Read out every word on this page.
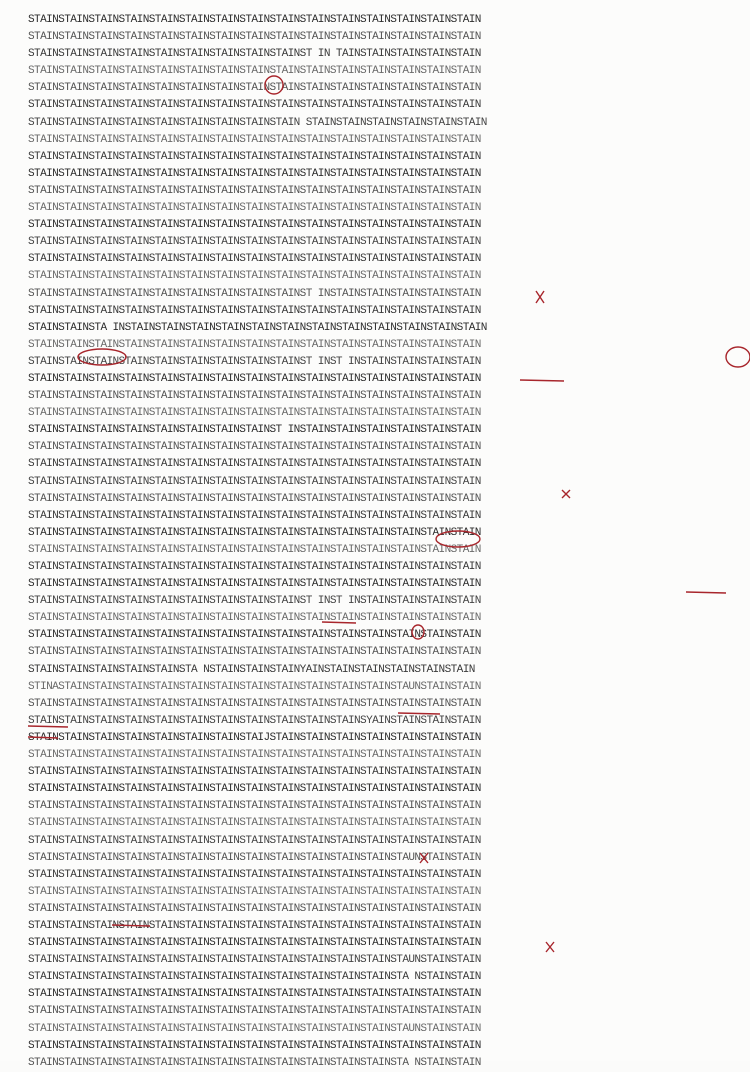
STAINSTAINSTAINSTAINSTAINSTAINSTAINSTAINSTAINSTAINSTAINSTAINSTAINSTAINSTAIN
STAINSTAINSTAINSTAINSTAINSTAINSTAINSTAINSTAINSTAINSTAINSTAINSTAINSTAINSTAIN
STAINSTAINSTAINSTAINSTAINSTAINSTAINSTAINSTAINST IN TAINSTAINSTAINSTAINSTAIN
STAINSTAINSTAINSTAINSTAINSTAINSTAINSTAINSTAINSTAINSTAINSTAINSTAINSTAINSTAIN
STAINSTAINSTAINSTAINSTAINSTAINSTAINSTAINSTAINSTAINSTAINSTAINSTAINSTAINSTAIN
STAINSTAINSTAINSTAINSTAINSTAINSTAINSTAINSTAINSTAINSTAINSTAINSTAINSTAINSTAIN
STAINSTAINSTAINSTAINSTAINSTAINSTAINSTAINSTAIN STAINSTAINSTAINSTAINSTAINSTAIN
STAINSTAINSTAINSTAINSTAINSTAINSTAINSTAINSTAINSTAINSTAINSTAINSTAINSTAINSTAIN
STAINSTAINSTAINSTAINSTAINSTAINSTAINSTAINSTAINSTAINSTAINSTAINSTAINSTAINSTAIN
STAINSTAINSTAINSTAINSTAINSTAINSTAINSTAINSTAINSTAINSTAINSTAINSTAINSTAINSTAIN
STAINSTAINSTAINSTAINSTAINSTAINSTAINSTAINSTAINSTAINSTAINSTAINSTAINSTAINSTAIN
STAINSTAINSTAINSTAINSTAINSTAINSTAINSTAINSTAINSTAINSTAINSTAINSTAINSTAINSTAIN
STAINSTAINSTAINSTAINSTAINSTAINSTAINSTAINSTAINSTAINSTAINSTAINSTAINSTAINSTAIN
STAINSTAINSTAINSTAINSTAINSTAINSTAINSTAINSTAINSTAINSTAINSTAINSTAINSTAINSTAIN
STAINSTAINSTAINSTAINSTAINSTAINSTAINSTAINSTAINSTAINSTAINSTAINSTAINSTAINSTAIN
STAINSTAINSTAINSTAINSTAINSTAINSTAINSTAINSTAINSTAINSTAINSTAINSTAINSTAINSTAIN
STAINSTAINSTAINSTAINSTAINSTAINSTAINSTAINSTAINST INSTAINSTAINSTAINSTAINSTAIN
STAINSTAINSTAINSTAINSTAINSTAINSTAINSTAINSTAINSTAINSTAINSTAINSTAINSTAINSTAIN
STAINSTAINSTA INSTAINSTAINSTAINSTAINSTAINSTAINSTAINSTAINSTAINSTAINSTAINSTAIN
STAINSTAINSTAINSTAINSTAINSTAINSTAINSTAINSTAINSTAINSTAINSTAINSTAINSTAINSTAIN
STAINSTAINSTAINSTAINSTAINSTAINSTAINSTAINSTAINST INST INSTAINSTAINSTAINSTAIN
STAINSTAINSTAINSTAINSTAINSTAINSTAINSTAINSTAINSTAINSTAINSTAINSTAINSTAINSTAIN
STAINSTAINSTAINSTAINSTAINSTAINSTAINSTAINSTAINSTAINSTAINSTAINSTAINSTAINSTAIN
STAINSTAINSTAINSTAINSTAINSTAINSTAINSTAINSTAINSTAINSTAINSTAINSTAINSTAINSTAIN
STAINSTAINSTAINSTAINSTAINSTAINSTAINSTAINST INSTAINSTAINSTAINSTAINSTAINSTAIN
STAINSTAINSTAINSTAINSTAINSTAINSTAINSTAINSTAINSTAINSTAINSTAINSTAINSTAINSTAIN
STAINSTAINSTAINSTAINSTAINSTAINSTAINSTAINSTAINSTAINSTAINSTAINSTAINSTAINSTAIN
STAINSTAINSTAINSTAINSTAINSTAINSTAINSTAINSTAINSTAINSTAINSTAINSTAINSTAINSTAIN
STAINSTAINSTAINSTAINSTAINSTAINSTAINSTAINSTAINSTAINSTAINSTAINSTAINSTAINSTAIN
STAINSTAINSTAINSTAINSTAINSTAINSTAINSTAINSTAINSTAINSTAINSTAINSTAINSTAINSTAIN
STAINSTAINSTAINSTAINSTAINSTAINSTAINSTAINSTAINSTAINSTAINSTAINSTAINSTAINSTAIN
STAINSTAINSTAINSTAINSTAINSTAINSTAINSTAINSTAINSTAINSTAINSTAINSTAINSTAINSTAIN
STAINSTAINSTAINSTAINSTAINSTAINSTAINSTAINSTAINSTAINSTAINSTAINSTAINSTAINSTAIN
STAINSTAINSTAINSTAINSTAINSTAINSTAINSTAINSTAINSTAINSTAINSTAINSTAINSTAINSTAIN
STAINSTAINSTAINSTAINSTAINSTAINSTAINSTAINSTAINST INST INSTAINSTAINSTAINSTAIN
STAINSTAINSTAINSTAINSTAINSTAINSTAINSTAINSTAINSTAINSTAINSTAINSTAINSTAINSTAIN
STAINSTAINSTAINSTAINSTAINSTAINSTAINSTAINSTAINSTAINSTAINSTAINSTAINSTAINSTAIN
STAINSTAINSTAINSTAINSTAINSTAINSTAINSTAINSTAINSTAINSTAINSTAINSTAINSTAINSTAIN
STAINSTAINSTAINSTAINSTAINSTA NSTAINSTAINSTAINYAINSTAINSTAINSTAINSTAINSTAIN
STINASTAINSTAINSTAINSTAINSTAINSTAINSTAINSTAINSTAINSTAINSTAINSTAUNSTAINSTAIN
STAINSTAINSTAINSTAINSTAINSTAINSTAINSTAINSTAINSTAINSTAINSTAINSTAINSTAINSTAIN
STAINSTAINSTAINSTAINSTAINSTAINSTAINSTAINSTAINSTAINSTAINSYAINSTAINSTAINSTAIN
STAINSTAINSTAINSTAINSTAINSTAINSTAINSTAIJSTAINSTAINSTAINSTAINSTAINSTAINSTAIN
STAINSTAINSTAINSTAINSTAINSTAINSTAINSTAINSTAINSTAINSTAINSTAINSTAINSTAINSTAIN
STAINSTAINSTAINSTAINSTAINSTAINSTAINSTAINSTAINSTAINSTAINSTAINSTAINSTAINSTAIN
STAINSTAINSTAINSTAINSTAINSTAINSTAINSTAINSTAINSTAINSTAINSTAINSTAINSTAINSTAIN
STAINSTAINSTAINSTAINSTAINSTAINSTAINSTAINSTAINSTAINSTAINSTAINSTAINSTAINSTAIN
STAINSTAINSTAINSTAINSTAINSTAINSTAINSTAINSTAINSTAINSTAINSTAINSTAINSTAINSTAIN
STAINSTAINSTAINSTAINSTAINSTAINSTAINSTAINSTAINSTAINSTAINSTAINSTAINSTAINSTAIN
STAINSTAINSTAINSTAINSTAINSTAINSTAINSTAINSTAINSTAINSTAINSTAINSTAUNSTAINSTAIN
STAINSTAINSTAINSTAINSTAINSTAINSTAINSTAINSTAINSTAINSTAINSTAINSTAINSTAINSTAIN
STAINSTAINSTAINSTAINSTAINSTAINSTAINSTAINSTAINSTAINSTAINSTAINSTAINSTAINSTAIN
STAINSTAINSTAINSTAINSTAINSTAINSTAINSTAINSTAINSTAINSTAINSTAINSTAINSTAINSTAIN
STAINSTAINSTAINSTAINSTAINSTAINSTAINSTAINSTAINSTAINSTAINSTAINSTAINSTAINSTAIN
STAINSTAINSTAINSTAINSTAINSTAINSTAINSTAINSTAINSTAINSTAINSTAINSTAINSTAINSTAIN
STAINSTAINSTAINSTAINSTAINSTAINSTAINSTAINSTAINSTAINSTAINSTAINSTAUNSTAINSTAIN
STAINSTAINSTAINSTAINSTAINSTAINSTAINSTAINSTAINSTAINSTAINSTAINSTA NSTAINSTAIN
STAINSTAINSTAINSTAINSTAINSTAINSTAINSTAINSTAINSTAINSTAINSTAINSTAINSTAINSTAIN
STAINSTAINSTAINSTAINSTAINSTAINSTAINSTAINSTAINSTAINSTAINSTAINSTAINSTAINSTAIN
STAINSTAINSTAINSTAINSTAINSTAINSTAINSTAINSTAINSTAINSTAINSTAINSTAUNSTAINSTAIN
STAINSTAINSTAINSTAINSTAINSTAINSTAINSTAINSTAINSTAINSTAINSTAINSTAINSTAINSTAIN
STAINSTAINSTAINSTAINSTAINSTAINSTAINSTAINSTAINSTAINSTAINSTAINSTA NSTAINSTAIN
